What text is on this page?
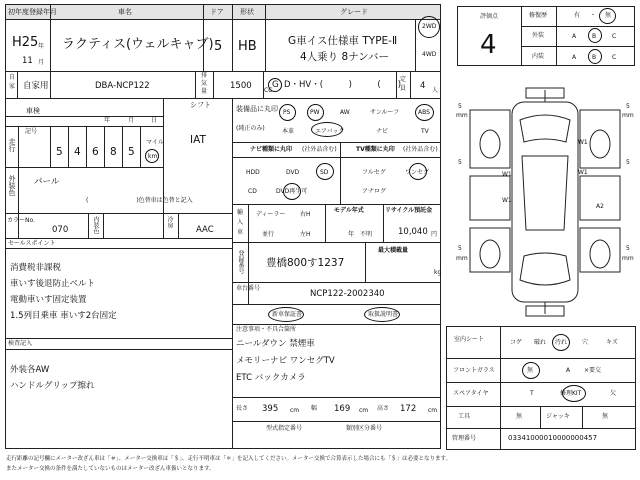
初年度登録年月	車名	ドア 形状	グレード
H25 年
11 月
ラクティス(ウェルキャブ) 5 HB	G車イス仕様車 TYPE-Ⅱ
4人乗り 8ナンバー
2WD
4WD
自
家 自家用	DBA-NCP122
排
気
量
1500 CC
G D・HV・(　　　)　　　(　　)
定
員 4 人
車検
シフト
IAT
年	月	日
走行
記号
5 4 6 8 5
マイル
km
外装色 パール
(　　　　　　　　)色替車は色替と記入
カラーNo.
070	内装色	冷房
AAC
セールスポイント
消費税非課税
車いす後退防止ベルト
電動車いす固定装置
1.5列目乗車 車いす2台固定
検査記入
外装各AW
ハンドルグリップ擦れ
装備品に丸印
(純正のみ)
PS	PW	AW	サンルーフ	ABS
本革	エアバック	ナビ	TV
ナビ種類に丸印 (社外品含む)
HDD	DVD	SD
CD	DVD再生可
TV種類に丸印 (社外品含む)
フルセグ	ワンセグ
アナログ
輸
入
車
ディーラー 右H
並行	左H
モデル年式
年　不明
リサイクル預託金
10,040 円
登録番号 豊橋800す1237
最大積載量
kg
車台番号
NCP122-2002340
新車保証書	取扱説明書
注意事項・不具合箇所
ニールダウン 禁煙車
メモリーナビ ワンセグTV
ETC バックカメラ
長さ 395 cm 幅 169 cm 高さ 172 cm
型式指定番号	類別区分番号
評価点
4
修復歴	有 ・ 無
外装	A	B	C
内装	A	B	C
5
5
5
5
W1
W1
W1
W1
A2
5	5
mm	mm
mm	mm
室内シート	コゲ 破れ 汚れ 穴	キズ
フロントガラス	無	A ×要交
スペアタイヤ	T	修理KIT	欠
工具	無	ジャッキ	無
管理番号	03341000010000000457
走行距離の記号欄にメーター改ざん車は「＃」、メーター交換車は「＄」、走行不明車は「＊」を記入してください。メーター交換で合算表示した場合にも「＄」は必要となります。
またメーター交換の条件を満たしていないものはメーター改ざん車扱いとなります。
